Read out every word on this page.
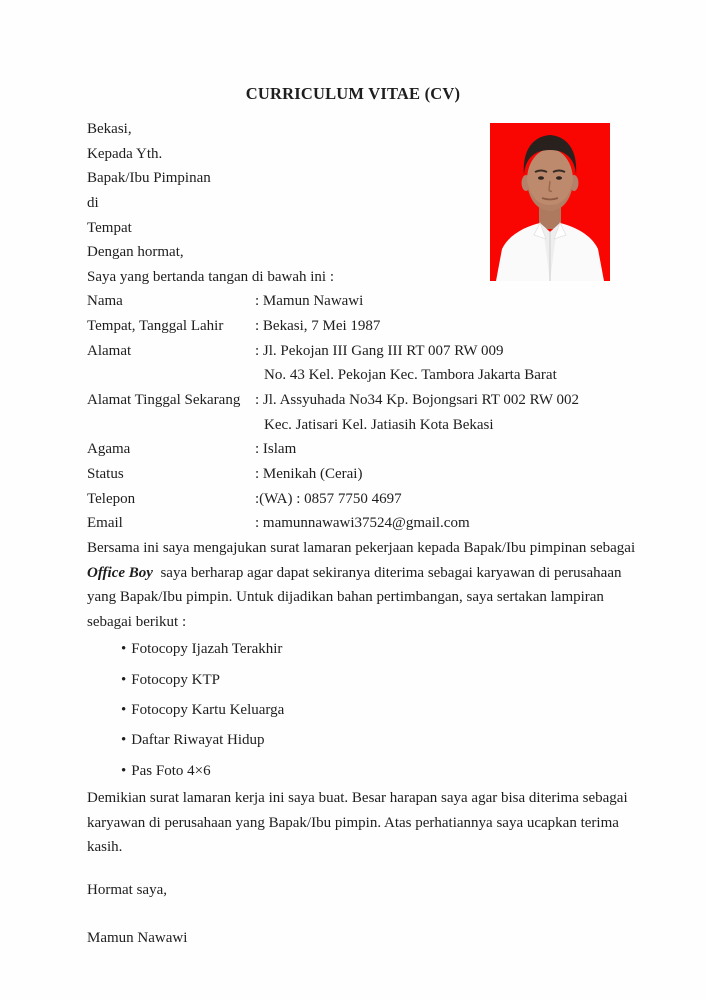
CURRICULUM VITAE (CV)
Bekasi,
Kepada Yth.
Bapak/Ibu Pimpinan
di
Tempat
Dengan hormat,
Saya yang bertanda tangan di bawah ini :
Nama	: Mamun Nawawi
Tempat, Tanggal Lahir	: Bekasi, 7 Mei 1987
Alamat	: Jl. Pekojan III Gang III RT 007 RW 009
No. 43 Kel. Pekojan Kec. Tambora Jakarta Barat
Alamat Tinggal Sekarang : Jl. Assyuhada No34 Kp. Bojongsari RT 002 RW 002
Kec. Jatisari Kel. Jatiasih Kota Bekasi
Agama	: Islam
Status	: Menikah (Cerai)
Telepon	:(WA) : 0857 7750 4697
Email	: mamunnawawi37524@gmail.com
Bersama ini saya mengajukan surat lamaran pekerjaan kepada Bapak/Ibu pimpinan sebagai
Office Boy  saya berharap agar dapat sekiranya diterima sebagai karyawan di perusahaan
yang Bapak/Ibu pimpin. Untuk dijadikan bahan pertimbangan, saya sertakan lampiran
sebagai berikut :
• Fotocopy Ijazah Terakhir
• Fotocopy KTP
• Fotocopy Kartu Keluarga
• Daftar Riwayat Hidup
• Pas Foto 4×6
Demikian surat lamaran kerja ini saya buat. Besar harapan saya agar bisa diterima sebagai
karyawan di perusahaan yang Bapak/Ibu pimpin. Atas perhatiannya saya ucapkan terima
kasih.
Hormat saya,
Mamun Nawawi
